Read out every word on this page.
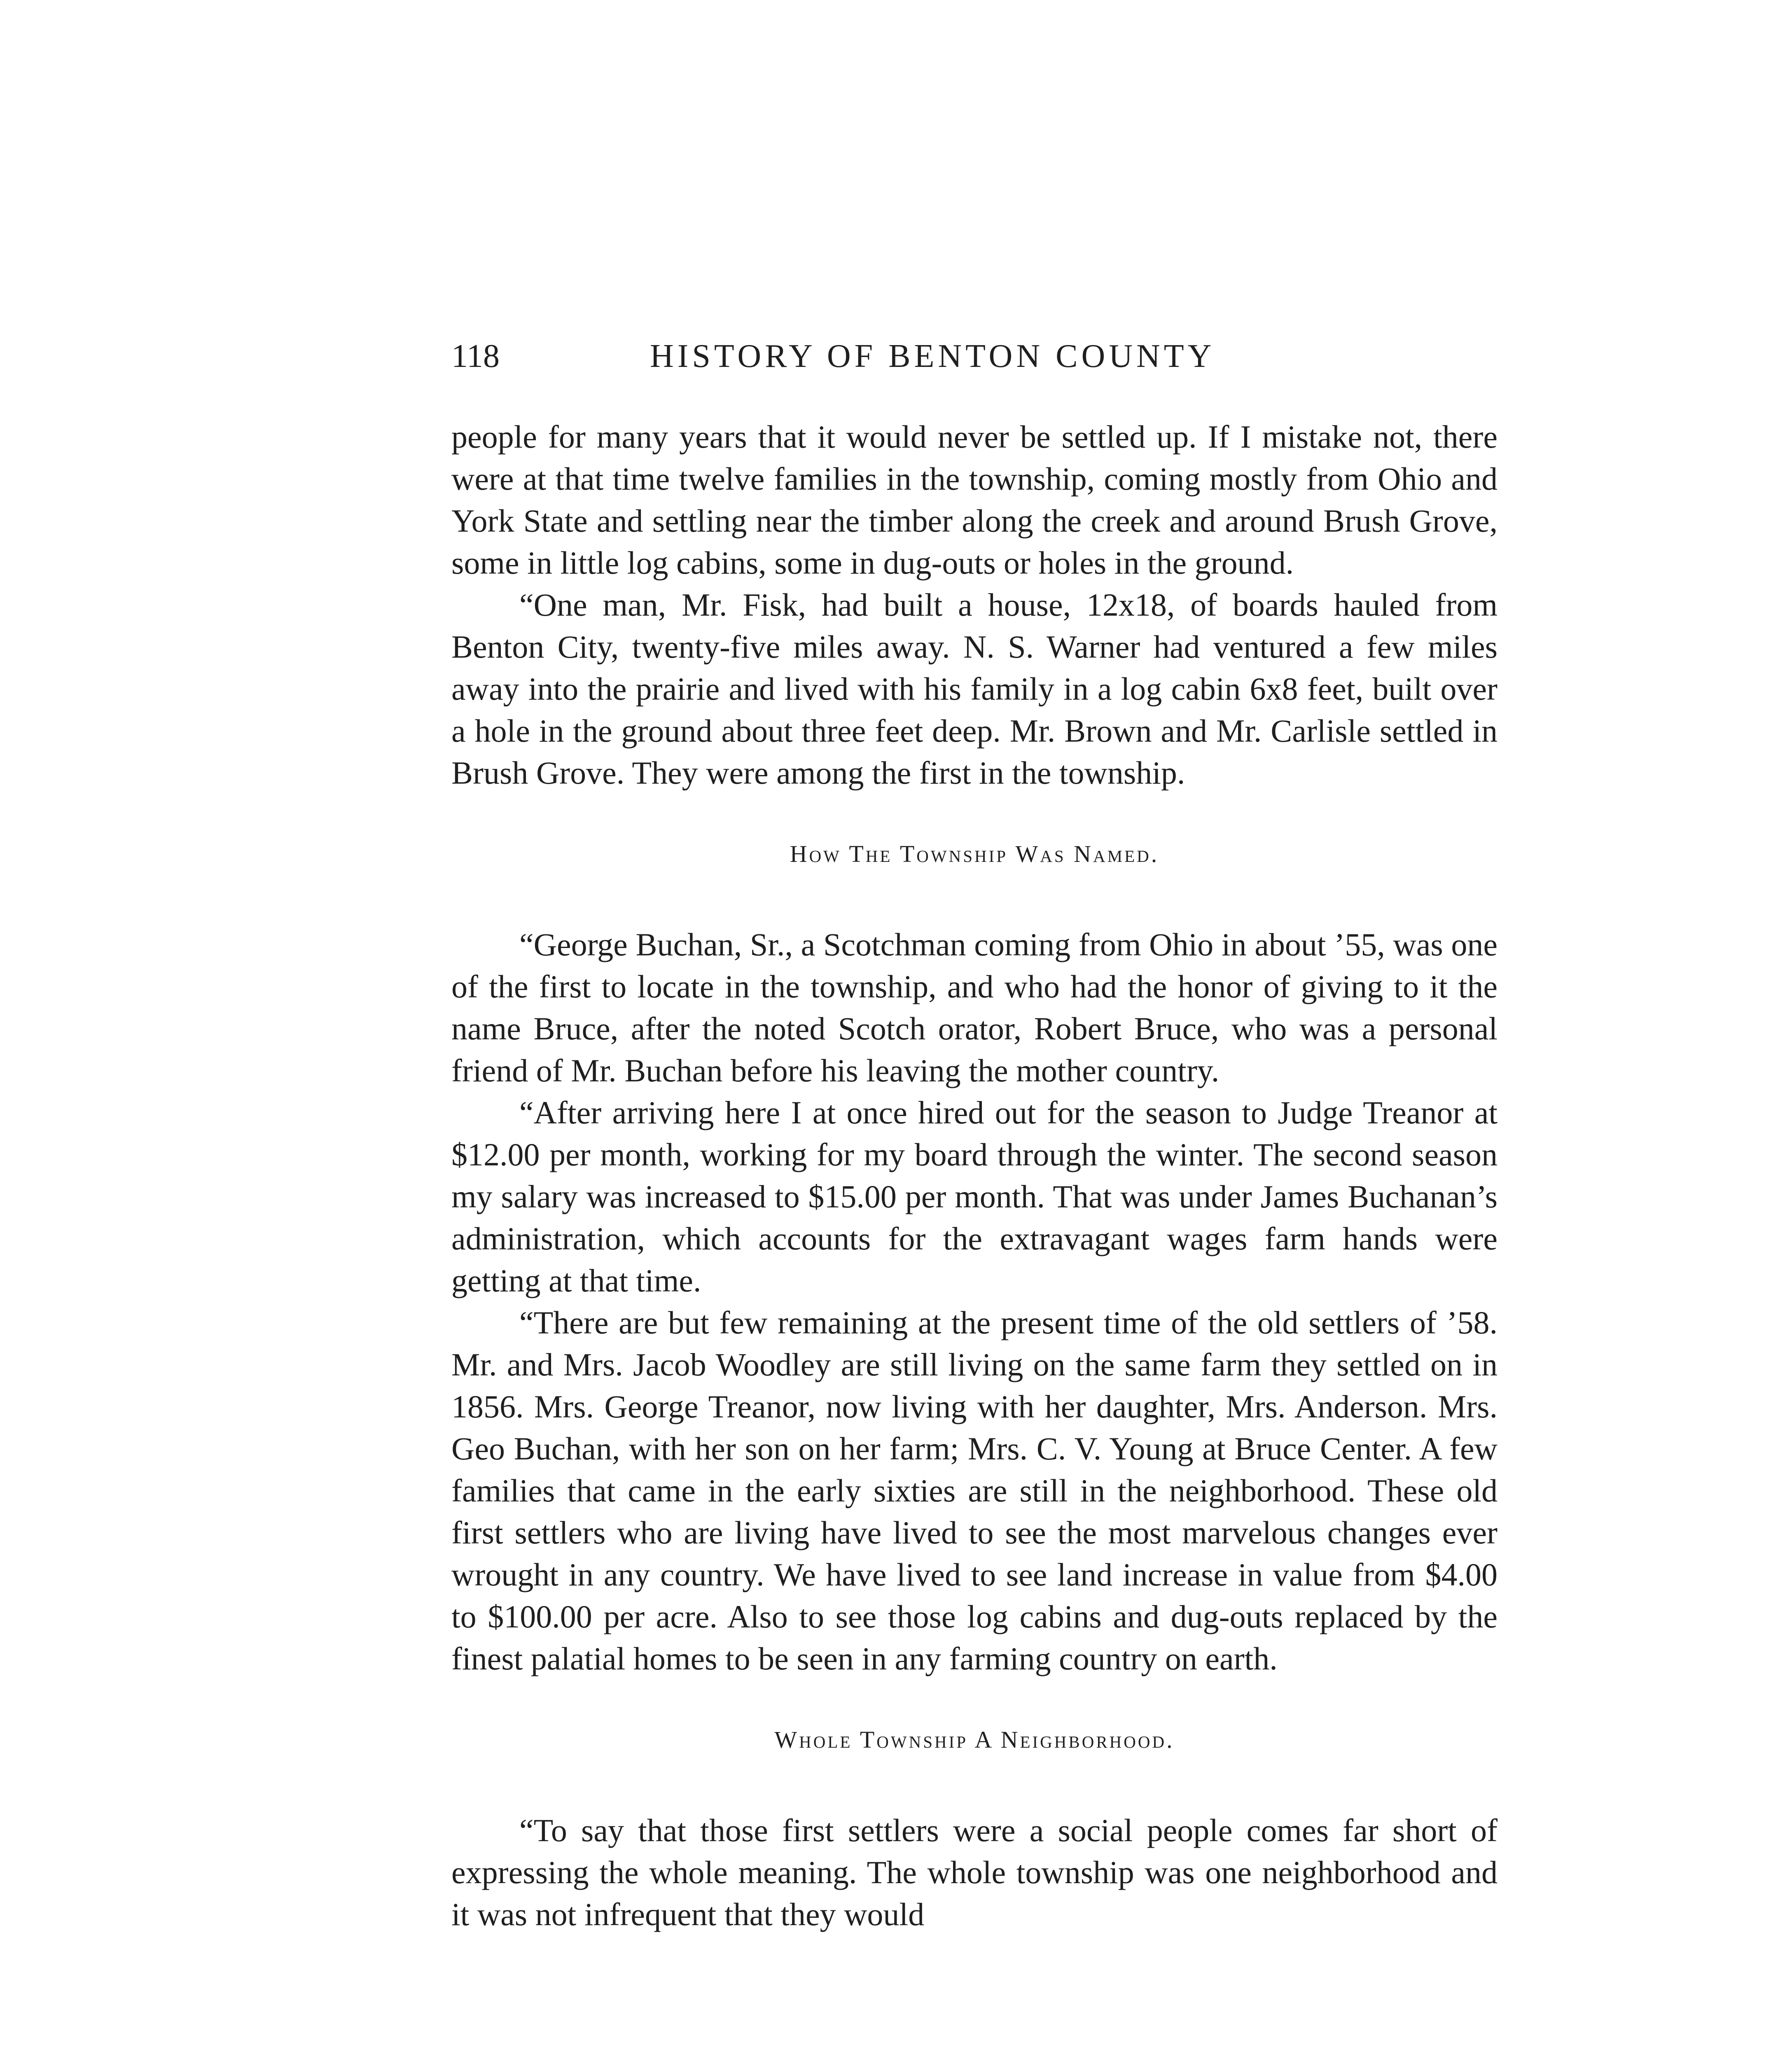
118	HISTORY OF BENTON COUNTY

people for many years that it would never be settled up. If I mistake not, there were at that time twelve families in the township, coming mostly from Ohio and York State and settling near the timber along the creek and around Brush Grove, some in little log cabins, some in dug-outs or holes in the ground.

“One man, Mr. Fisk, had built a house, 12x18, of boards hauled from Benton City, twenty-five miles away. N. S. Warner had ventured a few miles away into the prairie and lived with his family in a log cabin 6x8 feet, built over a hole in the ground about three feet deep. Mr. Brown and Mr. Carlisle settled in Brush Grove. They were among the first in the township.

How The Township Was Named.

“George Buchan, Sr., a Scotchman coming from Ohio in about ’55, was one of the first to locate in the township, and who had the honor of giving to it the name Bruce, after the noted Scotch orator, Robert Bruce, who was a personal friend of Mr. Buchan before his leaving the mother country.

“After arriving here I at once hired out for the season to Judge Treanor at $12.00 per month, working for my board through the winter. The second season my salary was increased to $15.00 per month. That was under James Buchanan’s administration, which accounts for the extravagant wages farm hands were getting at that time.

“There are but few remaining at the present time of the old settlers of ’58. Mr. and Mrs. Jacob Woodley are still living on the same farm they settled on in 1856. Mrs. George Treanor, now living with her daughter, Mrs. Anderson. Mrs. Geo Buchan, with her son on her farm; Mrs. C. V. Young at Bruce Center. A few families that came in the early sixties are still in the neighborhood. These old first settlers who are living have lived to see the most marvelous changes ever wrought in any country. We have lived to see land increase in value from $4.00 to $100.00 per acre. Also to see those log cabins and dug-outs replaced by the finest palatial homes to be seen in any farming country on earth.

Whole Township A Neighborhood.

“To say that those first settlers were a social people comes far short of expressing the whole meaning. The whole township was one neighborhood and it was not infrequent that they would
